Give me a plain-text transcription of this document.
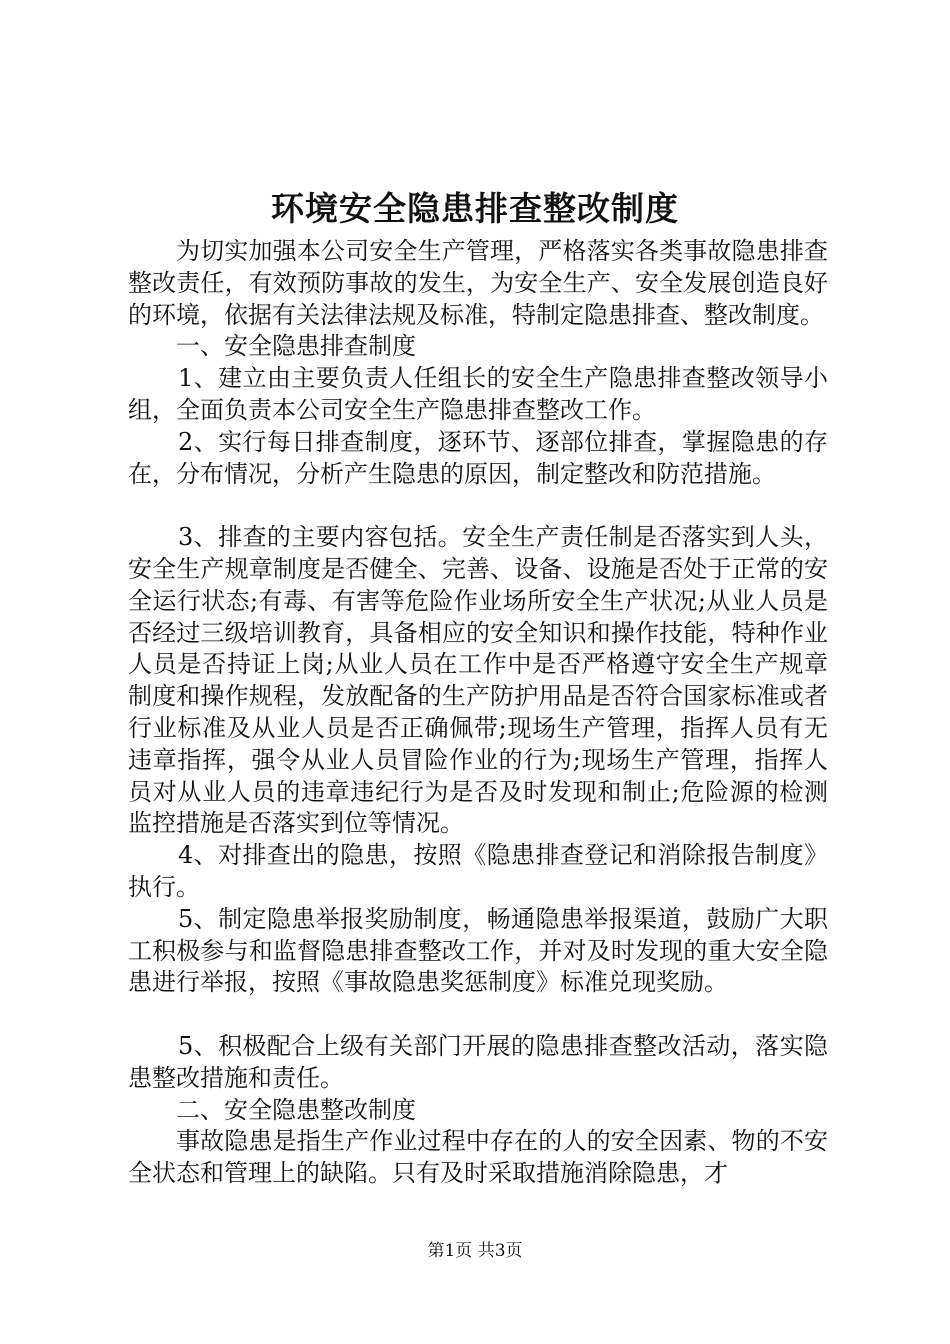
环境安全隐患排查整改制度

为切实加强本公司安全生产管理，严格落实各类事故隐患排查整改责任，有效预防事故的发生，为安全生产、安全发展创造良好的环境，依据有关法律法规及标准，特制定隐患排查、整改制度。

一、安全隐患排查制度

1、建立由主要负责人任组长的安全生产隐患排查整改领导小组，全面负责本公司安全生产隐患排查整改工作。

2、实行每日排查制度，逐环节、逐部位排查，掌握隐患的存在，分布情况，分析产生隐患的原因，制定整改和防范措施。

3、排查的主要内容包括。安全生产责任制是否落实到人头，安全生产规章制度是否健全、完善、设备、设施是否处于正常的安全运行状态;有毒、有害等危险作业场所安全生产状况;从业人员是否经过三级培训教育，具备相应的安全知识和操作技能，特种作业人员是否持证上岗;从业人员在工作中是否严格遵守安全生产规章制度和操作规程，发放配备的生产防护用品是否符合国家标准或者行业标准及从业人员是否正确佩带;现场生产管理，指挥人员有无违章指挥，强令从业人员冒险作业的行为;现场生产管理，指挥人员对从业人员的违章违纪行为是否及时发现和制止;危险源的检测监控措施是否落实到位等情况。

4、对排查出的隐患，按照《隐患排查登记和消除报告制度》执行。

5、制定隐患举报奖励制度，畅通隐患举报渠道，鼓励广大职工积极参与和监督隐患排查整改工作，并对及时发现的重大安全隐患进行举报，按照《事故隐患奖惩制度》标准兑现奖励。

5、积极配合上级有关部门开展的隐患排查整改活动，落实隐患整改措施和责任。

二、安全隐患整改制度

事故隐患是指生产作业过程中存在的人的安全因素、物的不安全状态和管理上的缺陷。只有及时采取措施消除隐患，才

第1页 共3页
